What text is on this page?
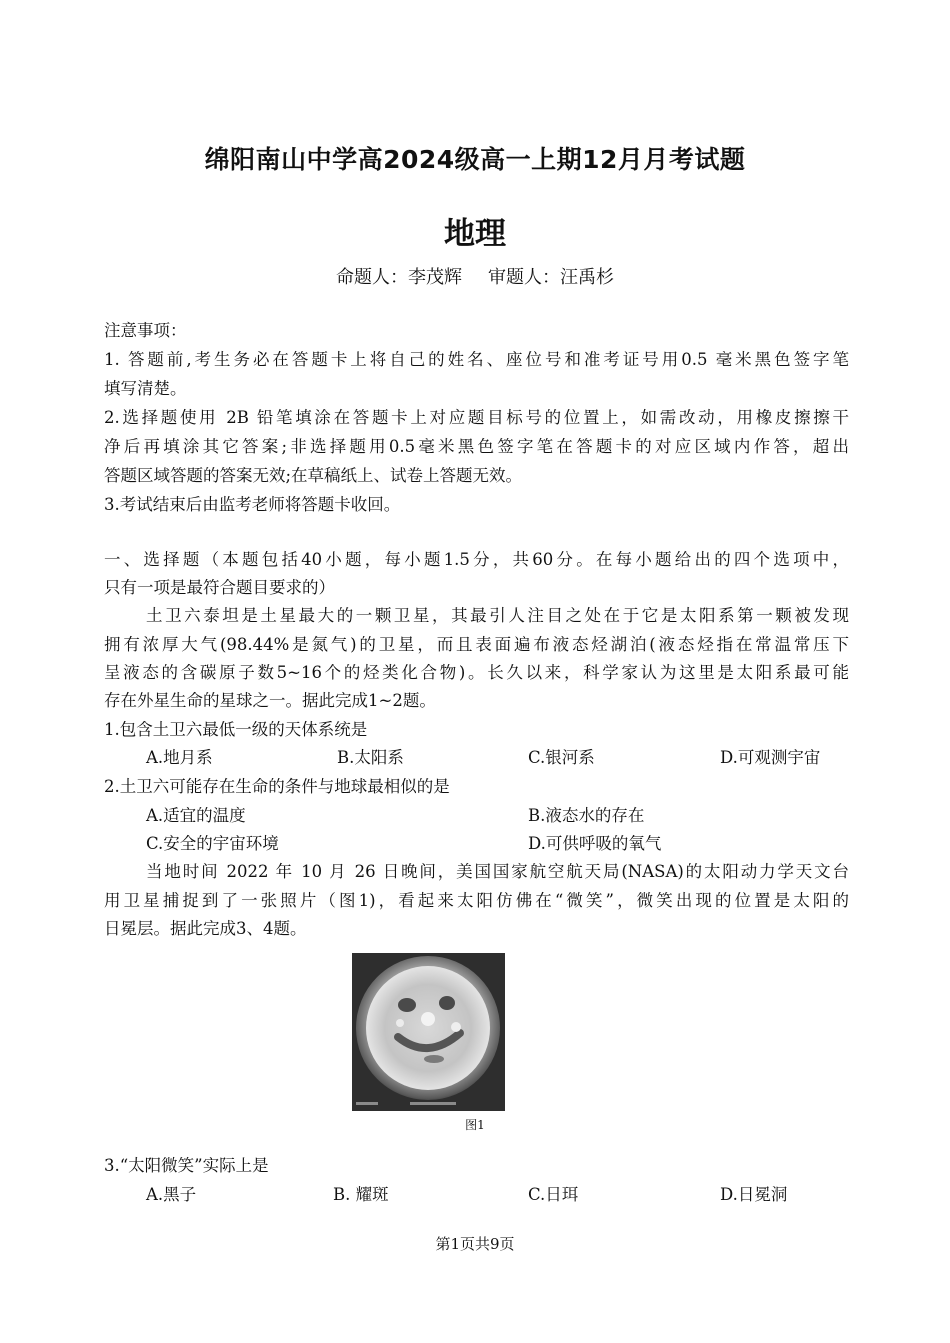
绵阳南山中学高2024级高一上期12月月考试题
地理
命题人：李茂辉 审题人：汪禹杉
注意事项：
1. 答题前,考生务必在答题卡上将自己的姓名、座位号和准考证号用0.5 毫米黑色签字笔
填写清楚。
2.选择题使用 2B 铅笔填涂在答题卡上对应题目标号的位置上，如需改动，用橡皮擦擦干
净后再填涂其它答案;非选择题用0.5毫米黑色签字笔在答题卡的对应区域内作答，超出
答题区域答题的答案无效;在草稿纸上、试卷上答题无效。
3.考试结束后由监考老师将答题卡收回。
一、选择题（本题包括40小题，每小题1.5分，共60分。在每小题给出的四个选项中，
只有一项是最符合题目要求的）
土卫六泰坦是土星最大的一颗卫星，其最引人注目之处在于它是太阳系第一颗被发现
拥有浓厚大气(98.44%是氮气)的卫星，而且表面遍布液态烃湖泊(液态烃指在常温常压下
呈液态的含碳原子数5~16个的烃类化合物)。长久以来，科学家认为这里是太阳系最可能
存在外星生命的星球之一。据此完成1~2题。
1.包含土卫六最低一级的天体系统是
A.地月系	B.太阳系	C.银河系	D.可观测宇宙
2.土卫六可能存在生命的条件与地球最相似的是
A.适宜的温度	B.液态水的存在
C.安全的宇宙环境	D.可供呼吸的氧气
当地时间 2022 年 10 月 26 日晚间，美国国家航空航天局(NASA)的太阳动力学天文台
用卫星捕捉到了一张照片（图1)，看起来太阳仿佛在“微笑”，微笑出现的位置是太阳的
日冕层。据此完成3、4题。
图1
3.“太阳微笑”实际上是
A.黑子	B. 耀斑	C.日珥	D.日冕洞
第1页共9页
